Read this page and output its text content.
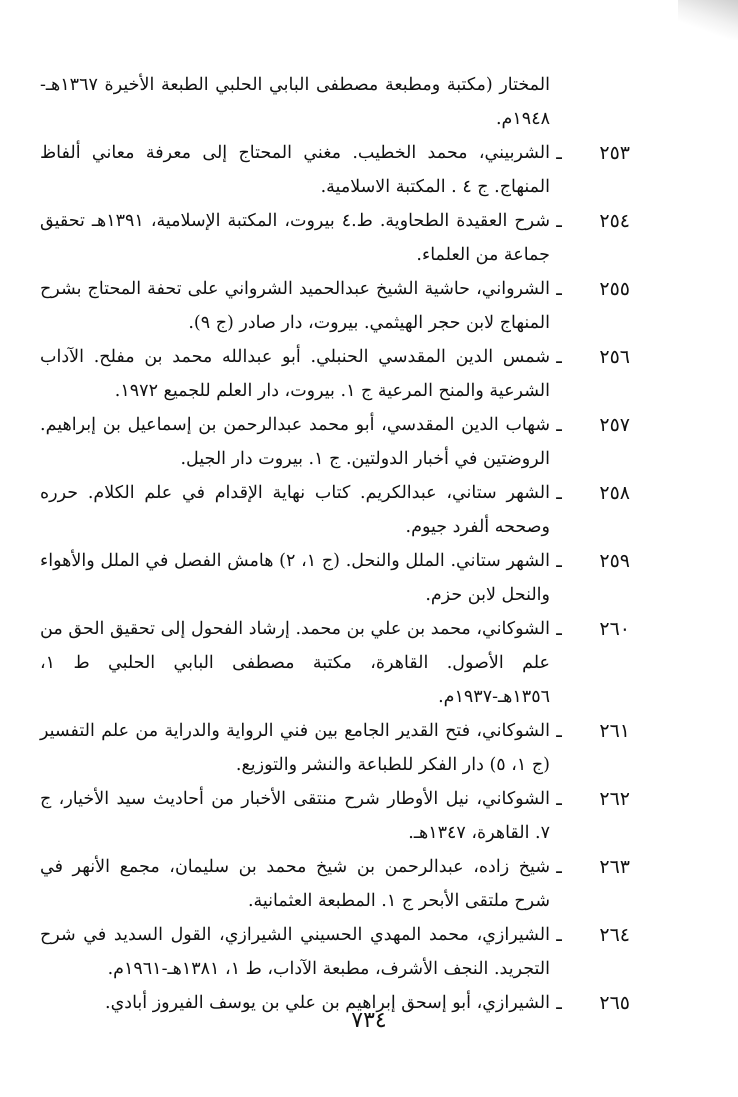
المختار (مكتبة ومطبعة مصطفى البابي الحلبي الطبعة الأخيرة ١٣٦٧هـ- ١٩٤٨م.
٢٥٣
ـ
الشربيني، محمد الخطيب. مغني المحتاج إلى معرفة معاني ألفاظ المنهاج. ج ٤ . المكتبة الاسلامية.
٢٥٤
ـ
شرح العقيدة الطحاوية. ط.٤ بيروت، المكتبة الإسلامية، ١٣٩١هـ تحقيق جماعة من العلماء.
٢٥٥
ـ
الشرواني، حاشية الشيخ عبدالحميد الشرواني على تحفة المحتاج بشرح المنهاج لابن حجر الهيثمي. بيروت، دار صادر (ج ٩).
٢٥٦
ـ
شمس الدين المقدسي الحنبلي. أبو عبدالله محمد بن مفلح. الآداب الشرعية والمنح المرعية ج ١. بيروت، دار العلم للجميع ١٩٧٢.
٢٥٧
ـ
شهاب الدين المقدسي، أبو محمد عبدالرحمن بن إسماعيل بن إبراهيم. الروضتين في أخبار الدولتين. ج ١. بيروت دار الجيل.
٢٥٨
ـ
الشهر ستاني، عبدالكريم. كتاب نهاية الإقدام في علم الكلام. حرره وصححه ألفرد جيوم.
٢٥٩
ـ
الشهر ستاني. الملل والنحل. (ج ١، ٢) هامش الفصل في الملل والأهواء والنحل لابن حزم.
٢٦٠
ـ
الشوكاني، محمد بن علي بن محمد. إرشاد الفحول إلى تحقيق الحق من علم الأصول. القاهرة، مكتبة مصطفى البابي الحلبي ط ١، ١٣٥٦هـ-١٩٣٧م.
٢٦١
ـ
الشوكاني، فتح القدير الجامع بين فني الرواية والدراية من علم التفسير (ج ١، ٥) دار الفكر للطباعة والنشر والتوزيع.
٢٦٢
ـ
الشوكاني، نيل الأوطار شرح منتقى الأخبار من أحاديث سيد الأخيار، ج ٧. القاهرة، ١٣٤٧هـ.
٢٦٣
ـ
شيخ زاده، عبدالرحمن بن شيخ محمد بن سليمان، مجمع الأنهر في شرح ملتقى الأبحر ج ١. المطبعة العثمانية.
٢٦٤
ـ
الشيرازي، محمد المهدي الحسيني الشيرازي، القول السديد في شرح التجريد. النجف الأشرف، مطبعة الآداب، ط ١، ١٣٨١هـ-١٩٦١م.
٢٦٥
ـ
الشيرازي، أبو إسحق إبراهيم بن علي بن يوسف الفيروز أبادي.
٧٣٤
